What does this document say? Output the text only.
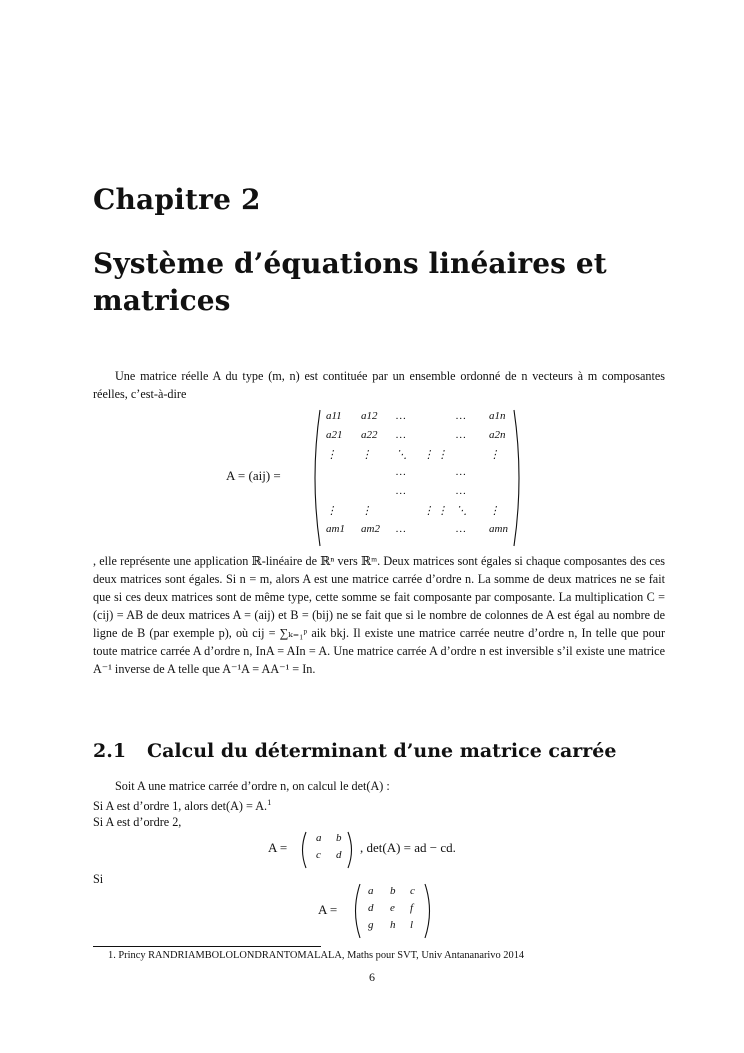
Chapitre 2
Système d’équations linéaires et matrices
Une matrice réelle A du type (m, n) est contituée par un ensemble ordonné de n vecteurs à m composantes réelles, c’est-à-dire
A = (aij) =
a11 a12 …	… a1n
a21 a22 …	… a2n
⋮ ⋮ ⋱ ⋮ ⋮	⋮
…	…
…	…
⋮ ⋮	⋮ ⋮ ⋱ ⋮
am1 am2 …	… amn
, elle représente une application ℝ-linéaire de ℝⁿ vers ℝᵐ. Deux matrices sont égales si chaque composantes des ces deux matrices sont égales. Si n = m, alors A est une matrice carrée d’ordre n. La somme de deux matrices ne se fait que si ces deux matrices sont de même type, cette somme se fait composante par composante. La multiplication C = (cij) = AB de deux matrices A = (aij) et B = (bij) ne se fait que si le nombre de colonnes de A est égal au nombre de ligne de B (par exemple p), où cij = ∑ₖ₌₁ᵖ aik bkj. Il existe une matrice carrée neutre d’ordre n, In telle que pour toute matrice carrée A d’ordre n, InA = AIn = A. Une matrice carrée A d’ordre n est inversible s’il existe une matrice A⁻¹ inverse de A telle que A⁻¹A = AA⁻¹ = In.
2.1 Calcul du déterminant d’une matrice carrée
Soit A une matrice carrée d’ordre n, on calcul le det(A) :
Si A est d’ordre 1, alors det(A) = A.$^1$
Si A est d’ordre 2,
A =
a b
c d , det(A) = ad − cd.
Si
A =
a b c
d e f
g h l
1. Princy RANDRIAMBOLOLONDRANTOMALALA, Maths pour SVT, Univ Antananarivo 2014
6
